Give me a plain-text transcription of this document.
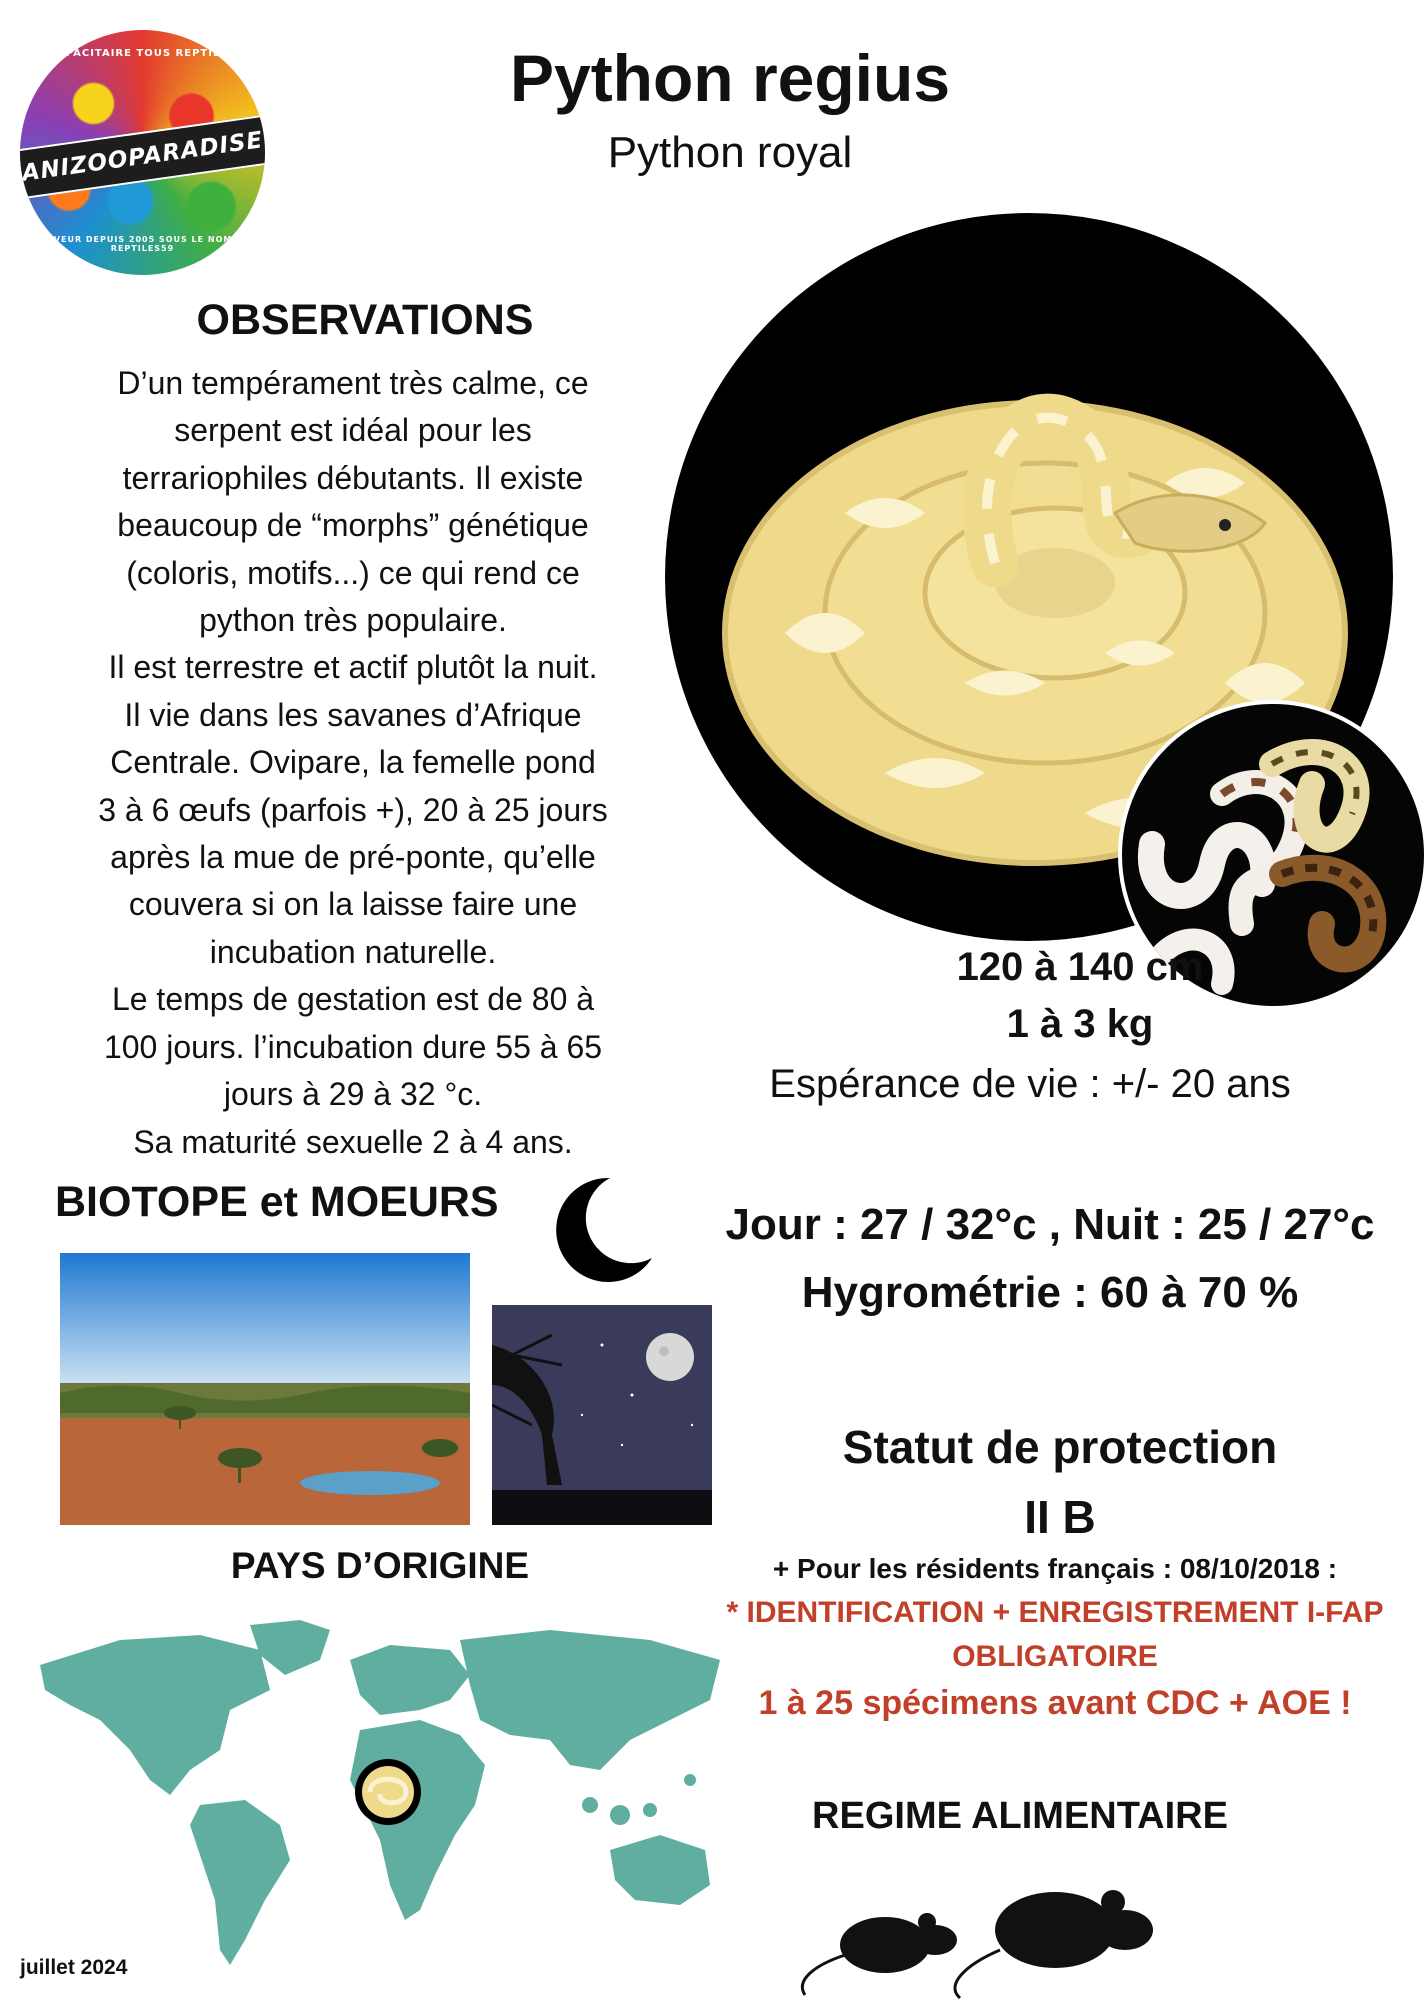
CAPACITAIRE TOUS REPTILES
ANIZOOPARADISE
ELEVEUR DEPUIS 2005 SOUS LE NOM DE REPTILES59
Python regius
Python royal
OBSERVATIONS
D’un tempérament très calme, ce
serpent est idéal pour les
terrariophiles débutants. Il existe
beaucoup de “morphs” génétique
(coloris, motifs...) ce qui rend ce
python très populaire.
Il est terrestre et actif plutôt la nuit.
Il vie dans les savanes d’Afrique
Centrale. Ovipare, la femelle pond
3 à 6 œufs (parfois +), 20 à 25 jours
après la mue de pré-ponte, qu’elle
couvera si on la laisse faire une
incubation naturelle.
Le temps de gestation est de 80 à
100 jours. l’incubation dure 55 à 65
jours à 29 à 32 °c.
Sa maturité sexuelle 2 à 4 ans.
120 à 140 cm
1 à 3 kg
Espérance de vie : +/- 20 ans
BIOTOPE et MOEURS	Jour : 27 / 32°c , Nuit : 25 / 27°c
Hygrométrie : 60 à 70 %
Statut de protection
II B
+ Pour les résidents français : 08/10/2018 :
* IDENTIFICATION + ENREGISTREMENT I-FAP
OBLIGATOIRE
1 à 25 spécimens avant CDC + AOE !
PAYS D’ORIGINE
REGIME ALIMENTAIRE
juillet 2024
